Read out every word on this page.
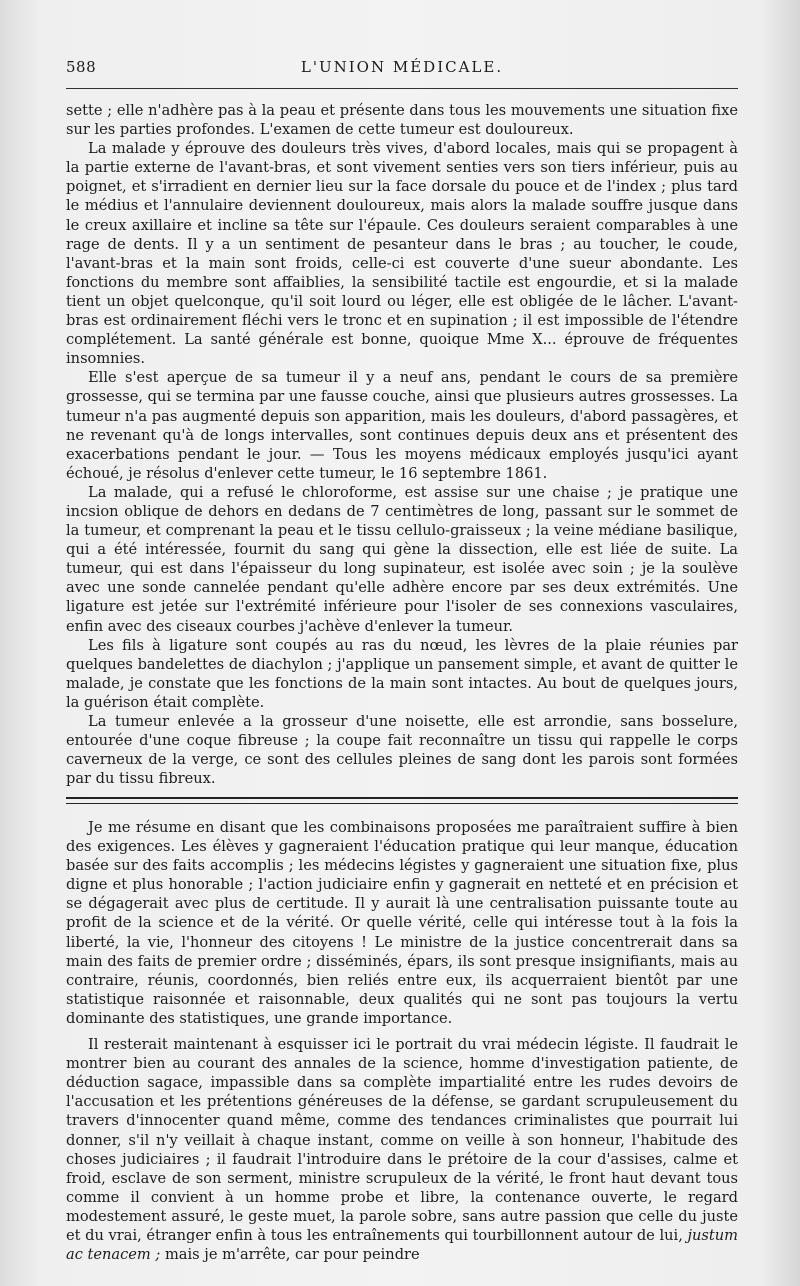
588	L'UNION MÉDICALE.

sette ; elle n'adhère pas à la peau et présente dans tous les mouvements une situation fixe sur les parties profondes. L'examen de cette tumeur est douloureux.

La malade y éprouve des douleurs très vives, d'abord locales, mais qui se propagent à la partie externe de l'avant-bras, et sont vivement senties vers son tiers inférieur, puis au poignet, et s'irradient en dernier lieu sur la face dorsale du pouce et de l'index ; plus tard le médius et l'annulaire deviennent douloureux, mais alors la malade souffre jusque dans le creux axillaire et incline sa tête sur l'épaule. Ces douleurs seraient comparables à une rage de dents. Il y a un sentiment de pesanteur dans le bras ; au toucher, le coude, l'avant-bras et la main sont froids, celle-ci est couverte d'une sueur abondante. Les fonctions du membre sont affaiblies, la sensibilité tactile est engourdie, et si la malade tient un objet quelconque, qu'il soit lourd ou léger, elle est obligée de le lâcher. L'avant-bras est ordinairement fléchi vers le tronc et en supination ; il est impossible de l'étendre complétement. La santé générale est bonne, quoique Mme X... éprouve de fréquentes insomnies.

Elle s'est aperçue de sa tumeur il y a neuf ans, pendant le cours de sa première grossesse, qui se termina par une fausse couche, ainsi que plusieurs autres grossesses. La tumeur n'a pas augmenté depuis son apparition, mais les douleurs, d'abord passagères, et ne revenant qu'à de longs intervalles, sont continues depuis deux ans et présentent des exacerbations pendant le jour. — Tous les moyens médicaux employés jusqu'ici ayant échoué, je résolus d'enlever cette tumeur, le 16 septembre 1861.

La malade, qui a refusé le chloroforme, est assise sur une chaise ; je pratique une incsion oblique de dehors en dedans de 7 centimètres de long, passant sur le sommet de la tumeur, et comprenant la peau et le tissu cellulo-graisseux ; la veine médiane basilique, qui a été intéressée, fournit du sang qui gène la dissection, elle est liée de suite. La tumeur, qui est dans l'épaisseur du long supinateur, est isolée avec soin ; je la soulève avec une sonde cannelée pendant qu'elle adhère encore par ses deux extrémités. Une ligature est jetée sur l'extrémité inférieure pour l'isoler de ses connexions vasculaires, enfin avec des ciseaux courbes j'achève d'enlever la tumeur.

Les fils à ligature sont coupés au ras du nœud, les lèvres de la plaie réunies par quelques bandelettes de diachylon ; j'applique un pansement simple, et avant de quitter le malade, je constate que les fonctions de la main sont intactes. Au bout de quelques jours, la guérison était complète.

La tumeur enlevée a la grosseur d'une noisette, elle est arrondie, sans bosselure, entourée d'une coque fibreuse ; la coupe fait reconnaître un tissu qui rappelle le corps caverneux de la verge, ce sont des cellules pleines de sang dont les parois sont formées par du tissu fibreux.

Je me résume en disant que les combinaisons proposées me paraîtraient suffire à bien des exigences. Les élèves y gagneraient l'éducation pratique qui leur manque, éducation basée sur des faits accomplis ; les médecins légistes y gagneraient une situation fixe, plus digne et plus honorable ; l'action judiciaire enfin y gagnerait en netteté et en précision et se dégagerait avec plus de certitude. Il y aurait là une centralisation puissante toute au profit de la science et de la vérité. Or quelle vérité, celle qui intéresse tout à la fois la liberté, la vie, l'honneur des citoyens ! Le ministre de la justice concentrerait dans sa main des faits de premier ordre ; disséminés, épars, ils sont presque insignifiants, mais au contraire, réunis, coordonnés, bien reliés entre eux, ils acquerraient bientôt par une statistique raisonnée et raisonnable, deux qualités qui ne sont pas toujours la vertu dominante des statistiques, une grande importance.

Il resterait maintenant à esquisser ici le portrait du vrai médecin légiste. Il faudrait le montrer bien au courant des annales de la science, homme d'investigation patiente, de déduction sagace, impassible dans sa complète impartialité entre les rudes devoirs de l'accusation et les prétentions généreuses de la défense, se gardant scrupuleusement du travers d'innocenter quand même, comme des tendances criminalistes que pourrait lui donner, s'il n'y veillait à chaque instant, comme on veille à son honneur, l'habitude des choses judiciaires ; il faudrait l'introduire dans le prétoire de la cour d'assises, calme et froid, esclave de son serment, ministre scrupuleux de la vérité, le front haut devant tous comme il convient à un homme probe et libre, la contenance ouverte, le regard modestement assuré, le geste muet, la parole sobre, sans autre passion que celle du juste et du vrai, étranger enfin à tous les entraînements qui tourbillonnent autour de lui, justum ac tenacem ; mais je m'arrête, car pour peindre
